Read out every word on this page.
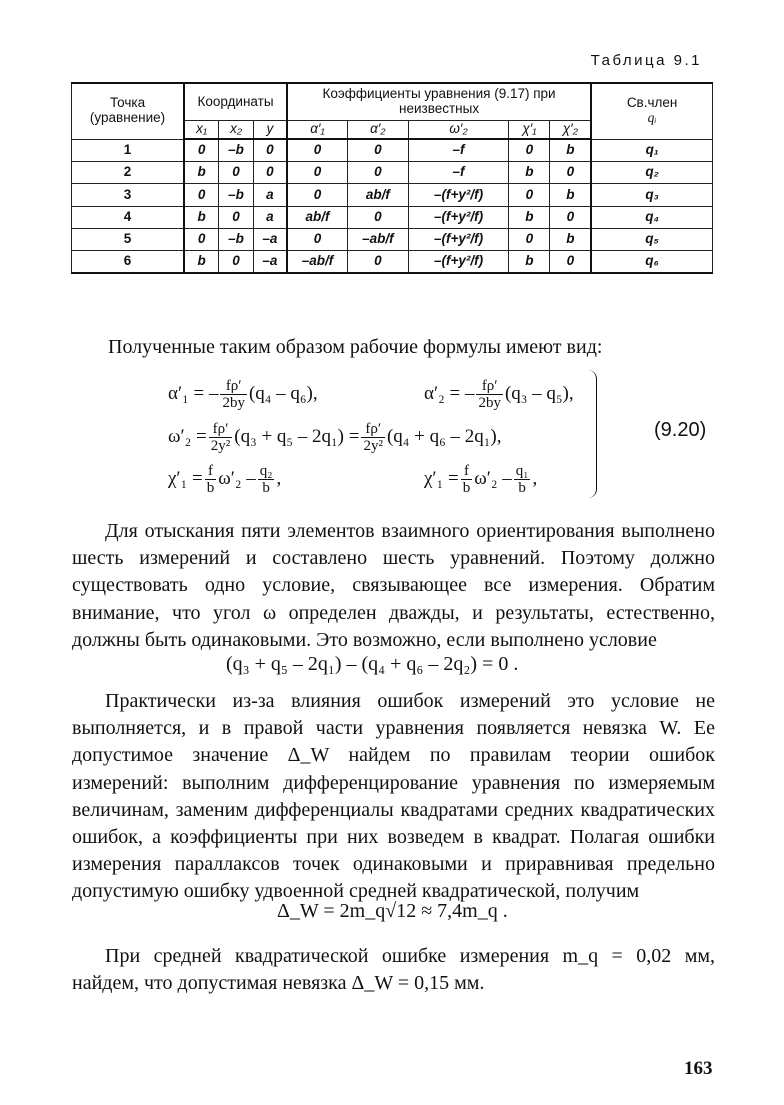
Таблица 9.1
Точка (уравнение)	Координаты			Коэффициенты уравнения (9.17) при неизвестных					Св.член
qᵢ
	x₁	x₂	y	α′₁	α′₂	ω′₂	χ′₁	χ′₂	
1	0	–b	0	0	0	–f	0	b	q₁
2	b	0	0	0	0	–f	b	0	q₂
3	0	–b	a	0	ab/f	–(f+y²/f)	0	b	q₃
4	b	0	a	ab/f	0	–(f+y²/f)	b	0	q₄
5	0	–b	–a	0	–ab/f	–(f+y²/f)	0	b	q₅
6	b	0	–a	–ab/f	0	–(f+y²/f)	b	0	q₆

Полученные таким образом рабочие формулы имеют вид:

α′₁ = – $\frac{f\rho'}{2by} (q_4 - q_6)$,	α′₂ = – $\frac{f\rho'}{2by} (q_3 - q_5)$,
$\omega'_2 = \frac{f\rho'}{\text{2y²}} (q_3 + q_5 - 2q_1) = \frac{f\rho'}{\text{2y²}} (q_4 + q_6 - 2q_1)$,
$\chi'_1 = \frac{f}{b} \omega'_2 - \frac{\text{q₂}}{b}$ ,	$\chi'_1 = \frac{f}{b} \omega'_2 - \frac{\text{q₁}}{b}$ ,
(9.20)

Для отыскания пяти элементов взаимного ориентирования выполнено шесть измерений и составлено шесть уравнений. Поэтому должно существовать одно условие, связывающее все измерения. Обратим внимание, что угол ω определен дважды, и результаты, естественно, должны быть одинаковыми. Это возможно, если выполнено условие

(q₃ + q₅ – 2q₁) – (q₄ + q₆ – 2q₂) = 0 .

Практически из-за влияния ошибок измерений это условие не выполняется, и в правой части уравнения появляется невязка W. Ее допустимое значение Δ_W найдем по правилам теории ошибок измерений: выполним дифференцирование уравнения по измеряемым величинам, заменим дифференциалы квадратами средних квадратических ошибок, а коэффициенты при них возведем в квадрат. Полагая ошибки измерения параллаксов точек одинаковыми и приравнивая предельно допустимую ошибку удвоенной средней квадратической, получим

Δ_W = 2m_q√12 ≈ 7,4m_q .

При средней квадратической ошибке измерения m_q = 0,02 мм, найдем, что допустимая невязка Δ_W = 0,15 мм.

163
